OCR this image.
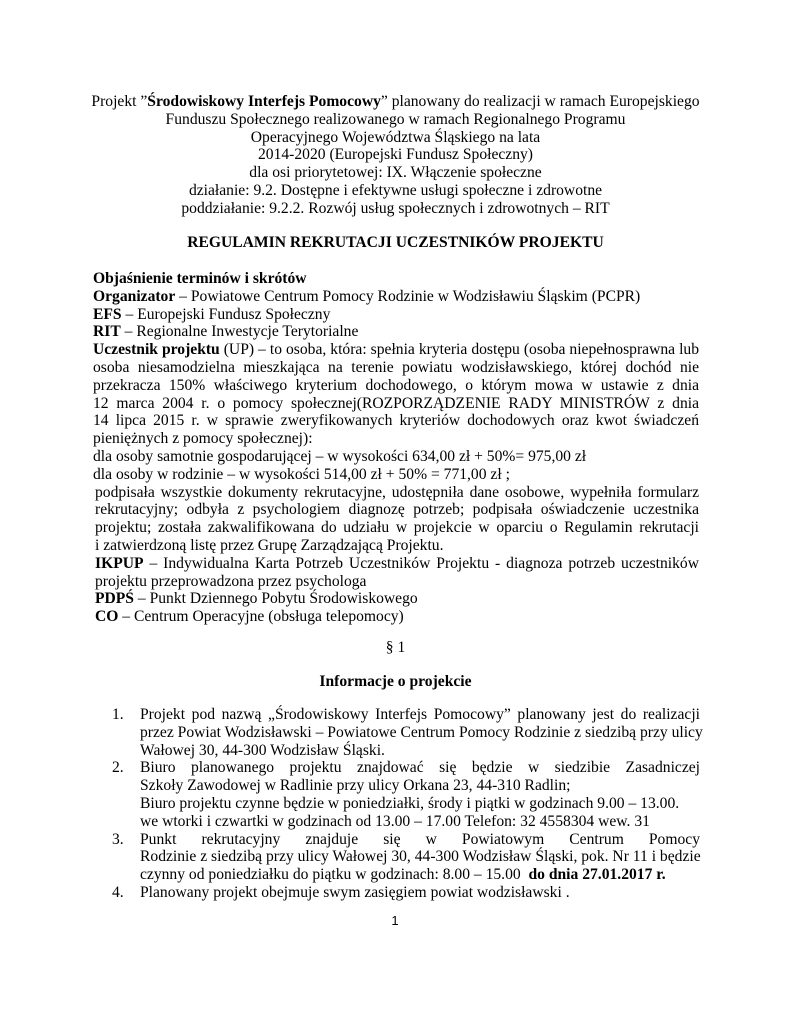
Projekt ”Środowiskowy Interfejs Pomocowy” planowany do realizacji w ramach Europejskiego
Funduszu Społecznego realizowanego w ramach Regionalnego Programu
Operacyjnego Województwa Śląskiego na lata
2014-2020 (Europejski Fundusz Społeczny)
dla osi priorytetowej: IX. Włączenie społeczne
działanie: 9.2. Dostępne i efektywne usługi społeczne i zdrowotne
poddziałanie: 9.2.2. Rozwój usług społecznych i zdrowotnych – RIT
REGULAMIN REKRUTACJI UCZESTNIKÓW PROJEKTU
Objaśnienie terminów i skrótów
Organizator – Powiatowe Centrum Pomocy Rodzinie w Wodzisławiu Śląskim (PCPR)
EFS – Europejski Fundusz Społeczny
RIT – Regionalne Inwestycje Terytorialne
Uczestnik projektu (UP) – to osoba, która: spełnia kryteria dostępu (osoba niepełnosprawna lub
osoba niesamodzielna mieszkająca na terenie powiatu wodzisławskiego, której dochód nie
przekracza 150% właściwego kryterium dochodowego, o którym mowa w ustawie z dnia
12 marca 2004 r. o pomocy społecznej(ROZPORZĄDZENIE RADY MINISTRÓW z dnia
14 lipca 2015 r. w sprawie zweryfikowanych kryteriów dochodowych oraz kwot świadczeń
pieniężnych z pomocy społecznej):
dla osoby samotnie gospodarującej – w wysokości 634,00 zł + 50%= 975,00 zł
dla osoby w rodzinie – w wysokości 514,00 zł + 50% = 771,00 zł ;
podpisała wszystkie dokumenty rekrutacyjne, udostępniła dane osobowe, wypełniła formularz
rekrutacyjny; odbyła z psychologiem diagnozę potrzeb; podpisała oświadczenie uczestnika
projektu; została zakwalifikowana do udziału w projekcie w oparciu o Regulamin rekrutacji
i zatwierdzoną listę przez Grupę Zarządzającą Projektu.
IKPUP – Indywidualna Karta Potrzeb Uczestników Projektu - diagnoza potrzeb uczestników
projektu przeprowadzona przez psychologa
PDPŚ – Punkt Dziennego Pobytu Środowiskowego
CO – Centrum Operacyjne (obsługa telepomocy)
§ 1
Informacje o projekcie
1. Projekt pod nazwą „Środowiskowy Interfejs Pomocowy” planowany jest do realizacji
przez Powiat Wodzisławski – Powiatowe Centrum Pomocy Rodzinie z siedzibą przy ulicy
Wałowej 30, 44-300 Wodzisław Śląski.
2. Biuro planowanego projektu znajdować się będzie w siedzibie Zasadniczej
Szkoły Zawodowej w Radlinie przy ulicy Orkana 23, 44-310 Radlin;
Biuro projektu czynne będzie w poniedziałki, środy i piątki w godzinach 9.00 – 13.00.
we wtorki i czwartki w godzinach od 13.00 – 17.00 Telefon: 32 4558304 wew. 31
3. Punkt rekrutacyjny znajduje się w Powiatowym Centrum Pomocy
Rodzinie z siedzibą przy ulicy Wałowej 30, 44-300 Wodzisław Śląski, pok. Nr 11 i będzie
czynny od poniedziałku do piątku w godzinach: 8.00 – 15.00 do dnia 27.01.2017 r.
4. Planowany projekt obejmuje swym zasięgiem powiat wodzisławski .
1
